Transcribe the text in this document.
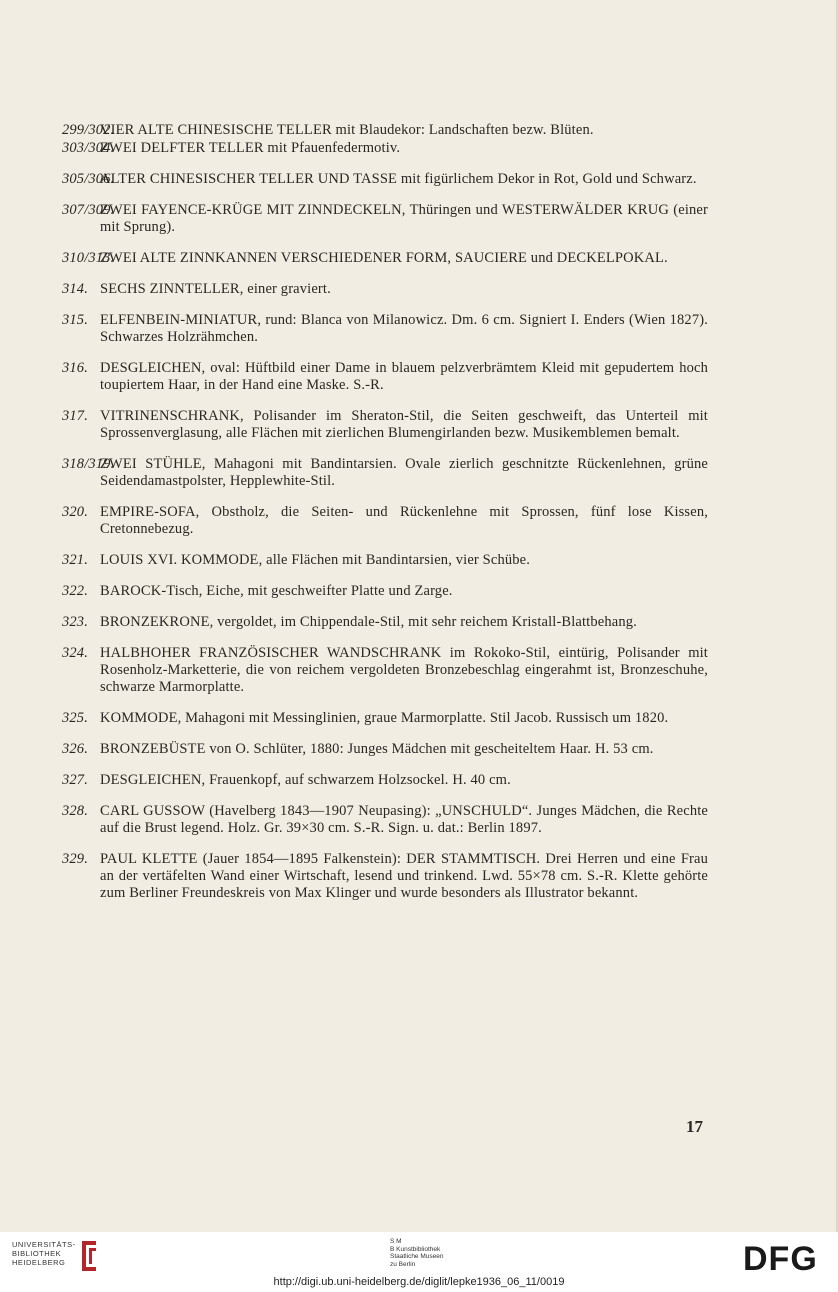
299/302.
VIER ALTE CHINESISCHE TELLER mit Blaudekor: Landschaften bezw. Blüten.
303/304.
ZWEI DELFTER TELLER mit Pfauenfedermotiv.
305/306.
ALTER CHINESISCHER TELLER UND TASSE mit figürlichem Dekor in Rot, Gold und Schwarz.
307/309.
ZWEI FAYENCE-KRÜGE MIT ZINNDECKELN, Thüringen und WESTERWÄLDER KRUG (einer mit Sprung).
310/313.
ZWEI ALTE ZINNKANNEN VERSCHIEDENER FORM, SAUCIERE und DECKELPOKAL.
314. SECHS ZINNTELLER, einer graviert.
315. ELFENBEIN-MINIATUR, rund: Blanca von Milanowicz. Dm. 6 cm. Signiert I. Enders (Wien 1827). Schwarzes Holzrähmchen.
316. DESGLEICHEN, oval: Hüftbild einer Dame in blauem pelzverbrämtem Kleid mit gepudertem hoch toupiertem Haar, in der Hand eine Maske. S.-R.
317. VITRINENSCHRANK, Polisander im Sheraton-Stil, die Seiten geschweift, das Unterteil mit Sprossenverglasung, alle Flächen mit zierlichen Blumengirlanden bezw. Musikemblemen bemalt.
318/319.
ZWEI STÜHLE, Mahagoni mit Bandintarsien. Ovale zierlich geschnitzte Rückenlehnen, grüne Seidendamastpolster, Hepplewhite-Stil.
320. EMPIRE-SOFA, Obstholz, die Seiten- und Rückenlehne mit Sprossen, fünf lose Kissen, Cretonnebezug.
321. LOUIS XVI. KOMMODE, alle Flächen mit Bandintarsien, vier Schübe.
322. BAROCK-Tisch, Eiche, mit geschweifter Platte und Zarge.
323. BRONZEKRONE, vergoldet, im Chippendale-Stil, mit sehr reichem Kristall-Blattbehang.
324. HALBHOHER FRANZÖSISCHER WANDSCHRANK im Rokoko-Stil, eintürig, Polisander mit Rosenholz-Marketterie, die von reichem vergoldeten Bronzebeschlag eingerahmt ist, Bronzeschuhe, schwarze Marmorplatte.
325. KOMMODE, Mahagoni mit Messinglinien, graue Marmorplatte. Stil Jacob. Russisch um 1820.
326. BRONZEBÜSTE von O. Schlüter, 1880: Junges Mädchen mit gescheiteltem Haar. H. 53 cm.
327. DESGLEICHEN, Frauenkopf, auf schwarzem Holzsockel. H. 40 cm.
328. CARL GUSSOW (Havelberg 1843—1907 Neupasing): „UNSCHULD“. Junges Mädchen, die Rechte auf die Brust legend. Holz. Gr. 39×30 cm. S.-R. Sign. u. dat.: Berlin 1897.
329. PAUL KLETTE (Jauer 1854—1895 Falkenstein): DER STAMMTISCH. Drei Herren und eine Frau an der vertäfelten Wand einer Wirtschaft, lesend und trinkend. Lwd. 55×78 cm. S.-R. Klette gehörte zum Berliner Freundeskreis von Max Klinger und wurde besonders als Illustrator bekannt.
17
UNIVERSITÄTS-
BIBLIOTHEK
HEIDELBERG
S M
B Kunstbibliothek
Staatliche Museen
zu Berlin	DFG
http://digi.ub.uni-heidelberg.de/diglit/lepke1936_06_11/0019
